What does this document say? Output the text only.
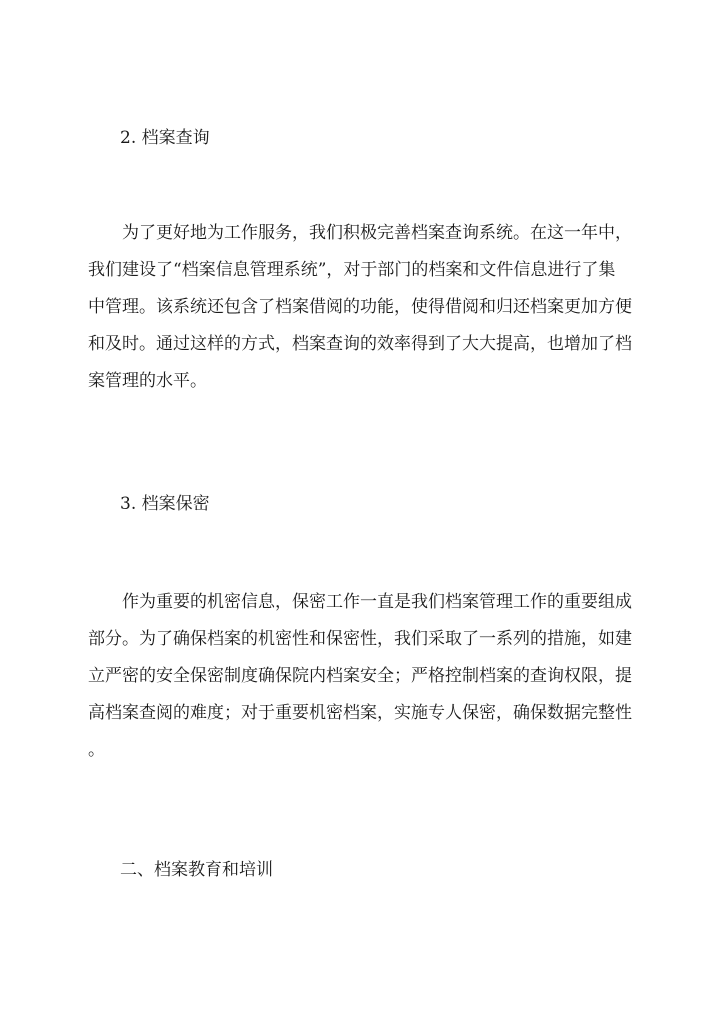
2. 档案查询
为了更好地为工作服务，我们积极完善档案查询系统。在这一年中，
我们建设了“档案信息管理系统”，对于部门的档案和文件信息进行了集
中管理。该系统还包含了档案借阅的功能，使得借阅和归还档案更加方便
和及时。通过这样的方式，档案查询的效率得到了大大提高，也增加了档
案管理的水平。
3. 档案保密
作为重要的机密信息，保密工作一直是我们档案管理工作的重要组成
部分。为了确保档案的机密性和保密性，我们采取了一系列的措施，如建
立严密的安全保密制度确保院内档案安全；严格控制档案的查询权限，提
高档案查阅的难度；对于重要机密档案，实施专人保密，确保数据完整性
。
二、档案教育和培训
